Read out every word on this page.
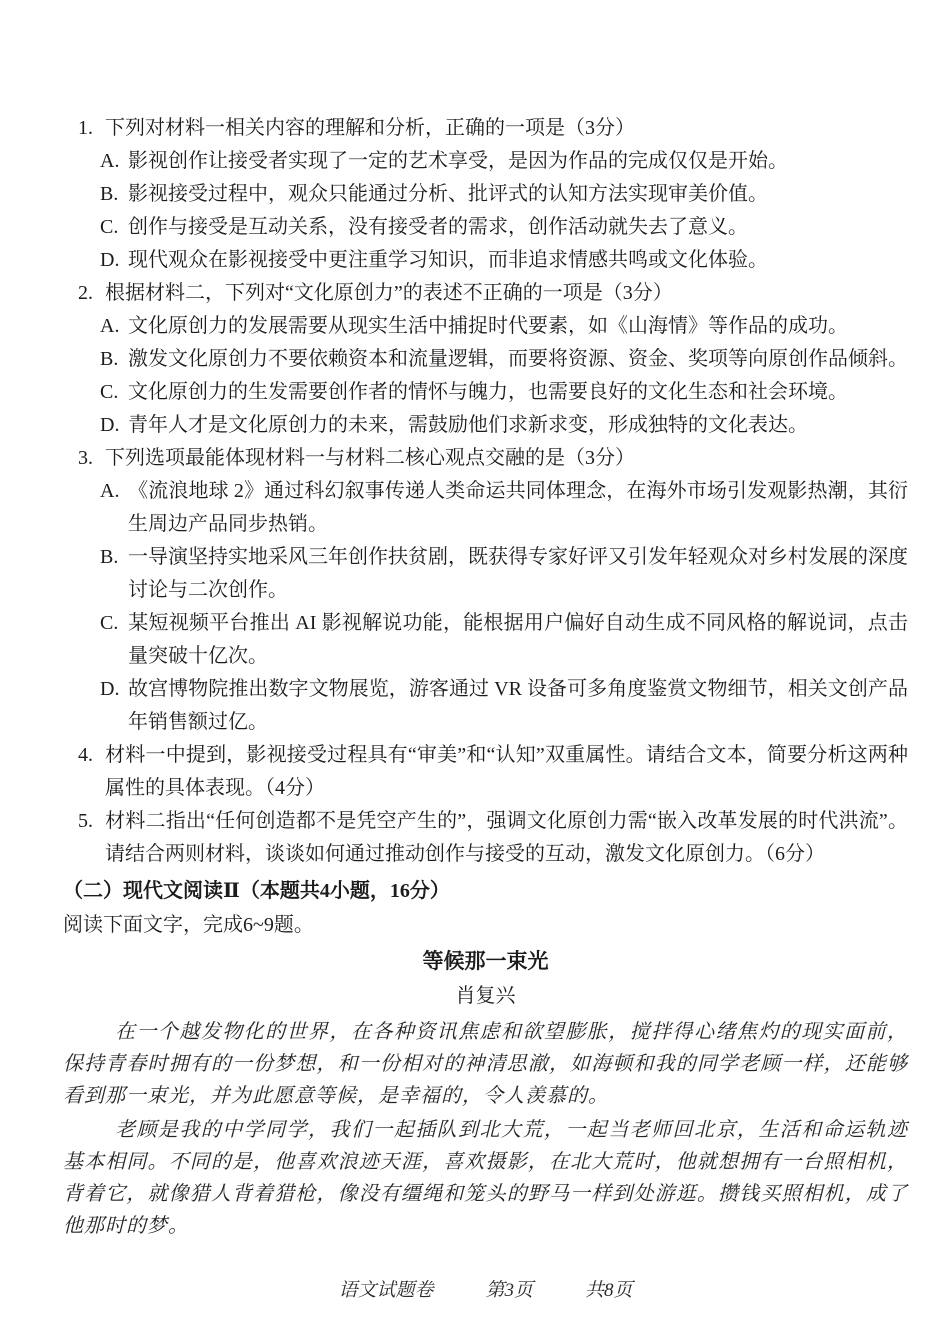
1. 下列对材料一相关内容的理解和分析，正确的一项是（3分）

A. 影视创作让接受者实现了一定的艺术享受，是因为作品的完成仅仅是开始。

B. 影视接受过程中，观众只能通过分析、批评式的认知方法实现审美价值。

C. 创作与接受是互动关系，没有接受者的需求，创作活动就失去了意义。

D. 现代观众在影视接受中更注重学习知识，而非追求情感共鸣或文化体验。

2. 根据材料二，下列对“文化原创力”的表述不正确的一项是（3分）

A. 文化原创力的发展需要从现实生活中捕捉时代要素，如《山海情》等作品的成功。

B. 激发文化原创力不要依赖资本和流量逻辑，而要将资源、资金、奖项等向原创作品倾斜。

C. 文化原创力的生发需要创作者的情怀与魄力，也需要良好的文化生态和社会环境。

D. 青年人才是文化原创力的未来，需鼓励他们求新求变，形成独特的文化表达。

3. 下列选项最能体现材料一与材料二核心观点交融的是（3分）

A. 《流浪地球 2》通过科幻叙事传递人类命运共同体理念，在海外市场引发观影热潮，其衍生周边产品同步热销。

B. 一导演坚持实地采风三年创作扶贫剧，既获得专家好评又引发年轻观众对乡村发展的深度讨论与二次创作。

C. 某短视频平台推出 AI 影视解说功能，能根据用户偏好自动生成不同风格的解说词，点击量突破十亿次。

D. 故宫博物院推出数字文物展览，游客通过 VR 设备可多角度鉴赏文物细节，相关文创产品年销售额过亿。

4. 材料一中提到，影视接受过程具有“审美”和“认知”双重属性。请结合文本，简要分析这两种属性的具体表现。（4分）

5. 材料二指出“任何创造都不是凭空产生的”，强调文化原创力需“嵌入改革发展的时代洪流”。请结合两则材料，谈谈如何通过推动创作与接受的互动，激发文化原创力。（6分）

（二）现代文阅读Ⅱ（本题共4小题，16分）

阅读下面文字，完成6~9题。

等候那一束光

肖复兴

在一个越发物化的世界，在各种资讯焦虑和欲望膨胀，搅拌得心绪焦灼的现实面前，保持青春时拥有的一份梦想，和一份相对的神清思澈，如海顿和我的同学老顾一样，还能够看到那一束光，并为此愿意等候，是幸福的，令人羡慕的。

老顾是我的中学同学，我们一起插队到北大荒，一起当老师回北京，生活和命运轨迹基本相同。不同的是，他喜欢浪迹天涯，喜欢摄影，在北大荒时，他就想拥有一台照相机，背着它，就像猎人背着猎枪，像没有缰绳和笼头的野马一样到处游逛。攒钱买照相机，成了他那时的梦。

语文试题卷	第3页	共8页
